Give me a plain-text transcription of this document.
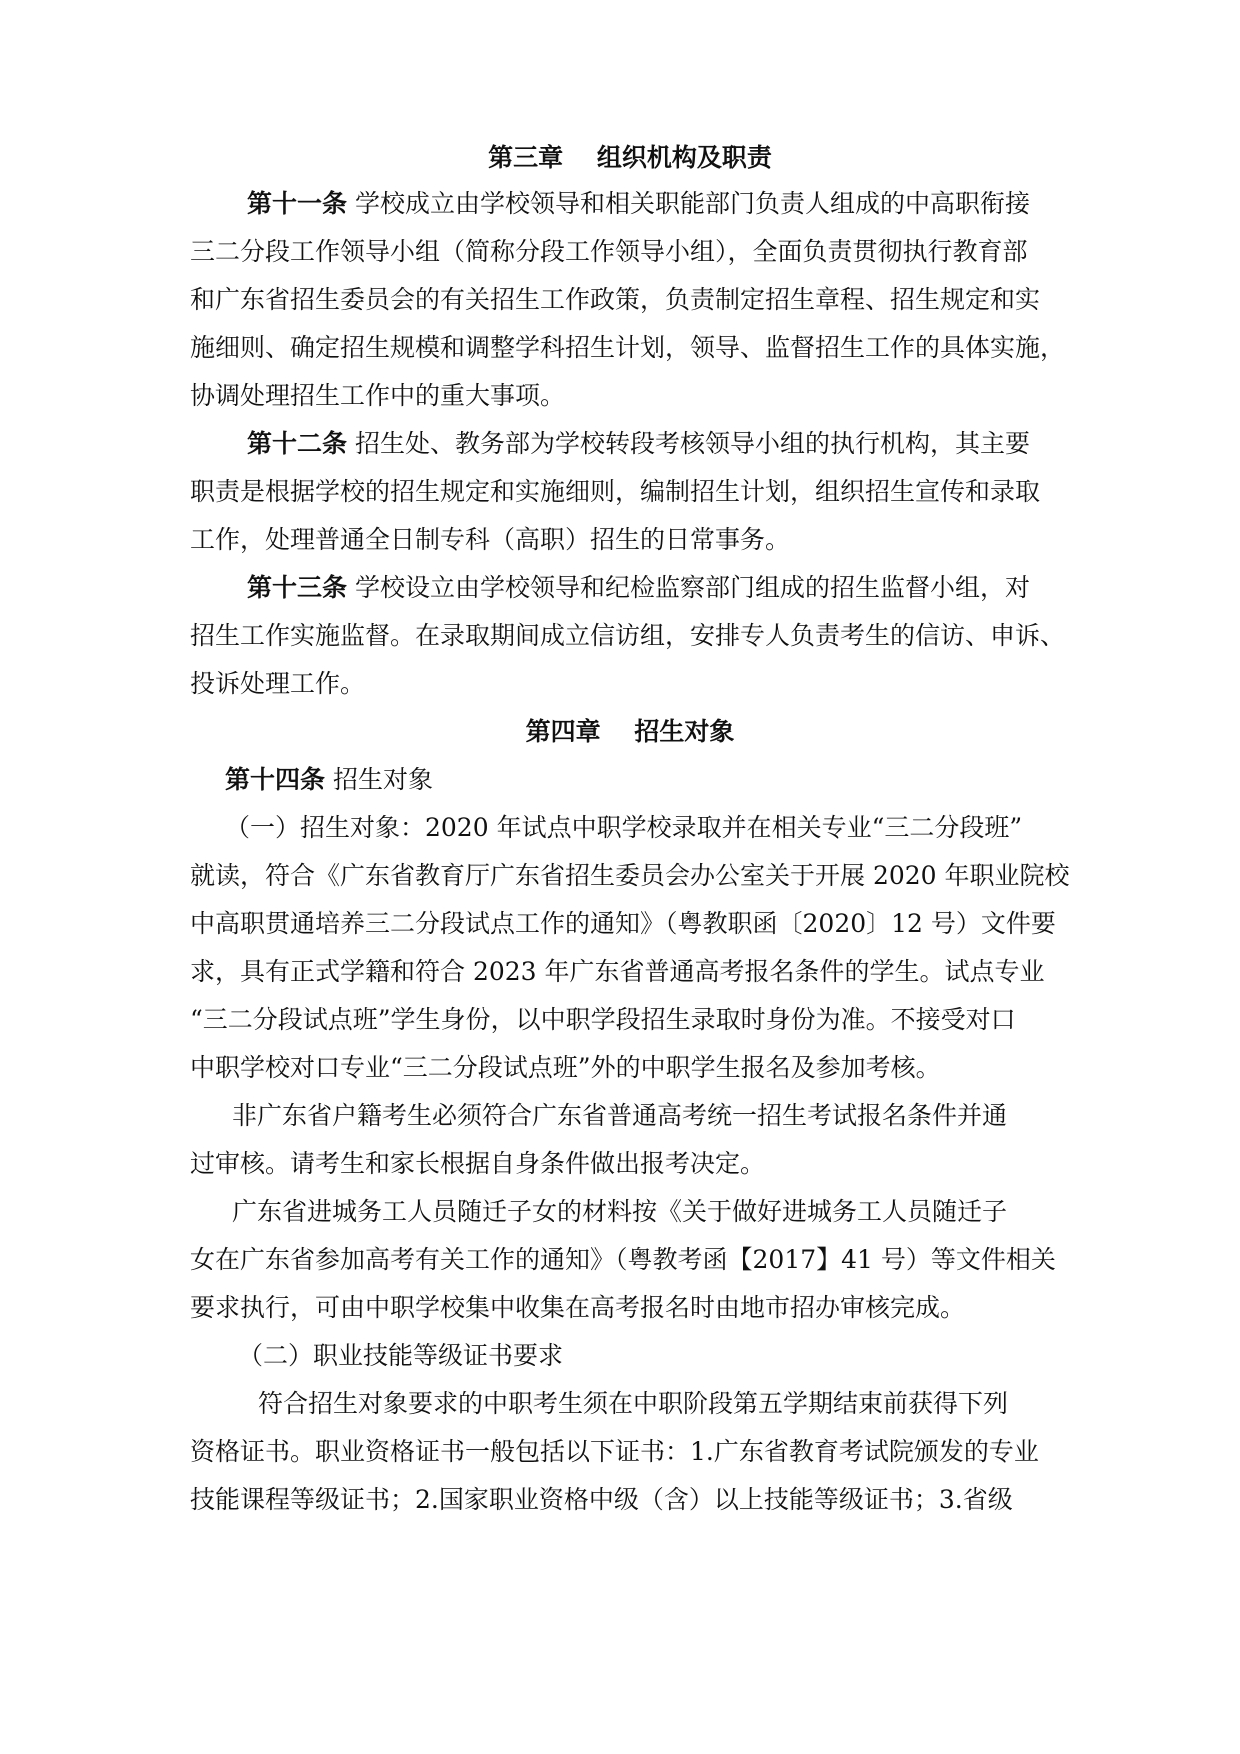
第三章　 组织机构及职责
第十一条 学校成立由学校领导和相关职能部门负责人组成的中高职衔接
三二分段工作领导小组（简称分段工作领导小组），全面负责贯彻执行教育部
和广东省招生委员会的有关招生工作政策，负责制定招生章程、招生规定和实
施细则、确定招生规模和调整学科招生计划，领导、监督招生工作的具体实施，
协调处理招生工作中的重大事项。
第十二条 招生处、教务部为学校转段考核领导小组的执行机构，其主要
职责是根据学校的招生规定和实施细则，编制招生计划，组织招生宣传和录取
工作，处理普通全日制专科（高职）招生的日常事务。
第十三条 学校设立由学校领导和纪检监察部门组成的招生监督小组，对
招生工作实施监督。在录取期间成立信访组，安排专人负责考生的信访、申诉、
投诉处理工作。
第四章　 招生对象
第十四条 招生对象
（一）招生对象：2020 年试点中职学校录取并在相关专业“三二分段班”
就读，符合《广东省教育厅广东省招生委员会办公室关于开展 2020 年职业院校
中高职贯通培养三二分段试点工作的通知》（粤教职函〔2020〕12 号）文件要
求，具有正式学籍和符合 2023 年广东省普通高考报名条件的学生。试点专业
“三二分段试点班”学生身份，以中职学段招生录取时身份为准。不接受对口
中职学校对口专业“三二分段试点班”外的中职学生报名及参加考核。
非广东省户籍考生必须符合广东省普通高考统一招生考试报名条件并通
过审核。请考生和家长根据自身条件做出报考决定。
广东省进城务工人员随迁子女的材料按《关于做好进城务工人员随迁子
女在广东省参加高考有关工作的通知》（粤教考函【2017】41 号）等文件相关
要求执行，可由中职学校集中收集在高考报名时由地市招办审核完成。
（二）职业技能等级证书要求
符合招生对象要求的中职考生须在中职阶段第五学期结束前获得下列
资格证书。职业资格证书一般包括以下证书：1.广东省教育考试院颁发的专业
技能课程等级证书；2.国家职业资格中级（含）以上技能等级证书；3.省级
